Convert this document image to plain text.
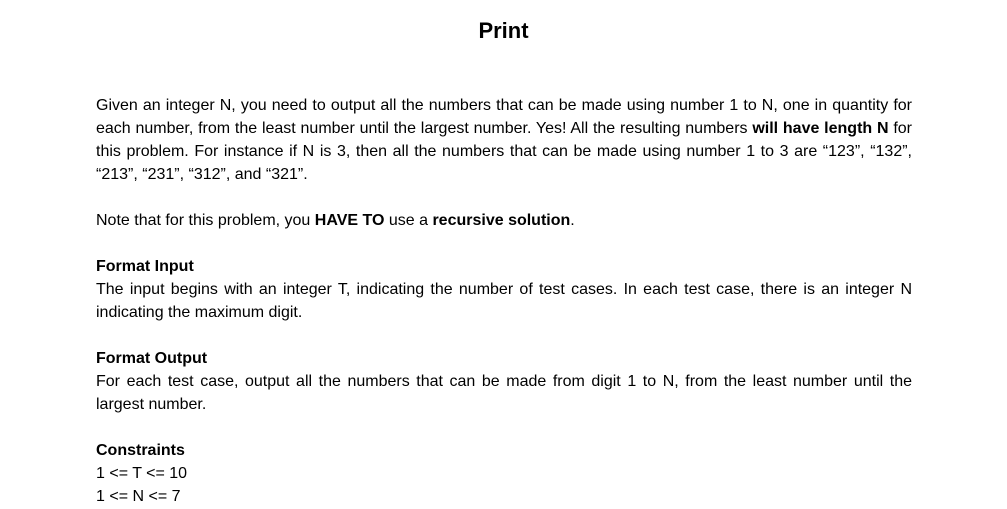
Print

Given an integer N, you need to output all the numbers that can be made using number 1 to N, one in quantity for each number, from the least number until the largest number. Yes! All the resulting numbers will have length N for this problem. For instance if N is 3, then all the numbers that can be made using number 1 to 3 are “123”, “132”, “213”, “231”, “312”, and “321”.

Note that for this problem, you HAVE TO use a recursive solution.

Format Input

The input begins with an integer T, indicating the number of test cases. In each test case, there is an integer N indicating the maximum digit.

Format Output

For each test case, output all the numbers that can be made from digit 1 to N, from the least number until the largest number.

Constraints

1 <= T <= 10

1 <= N <= 7
